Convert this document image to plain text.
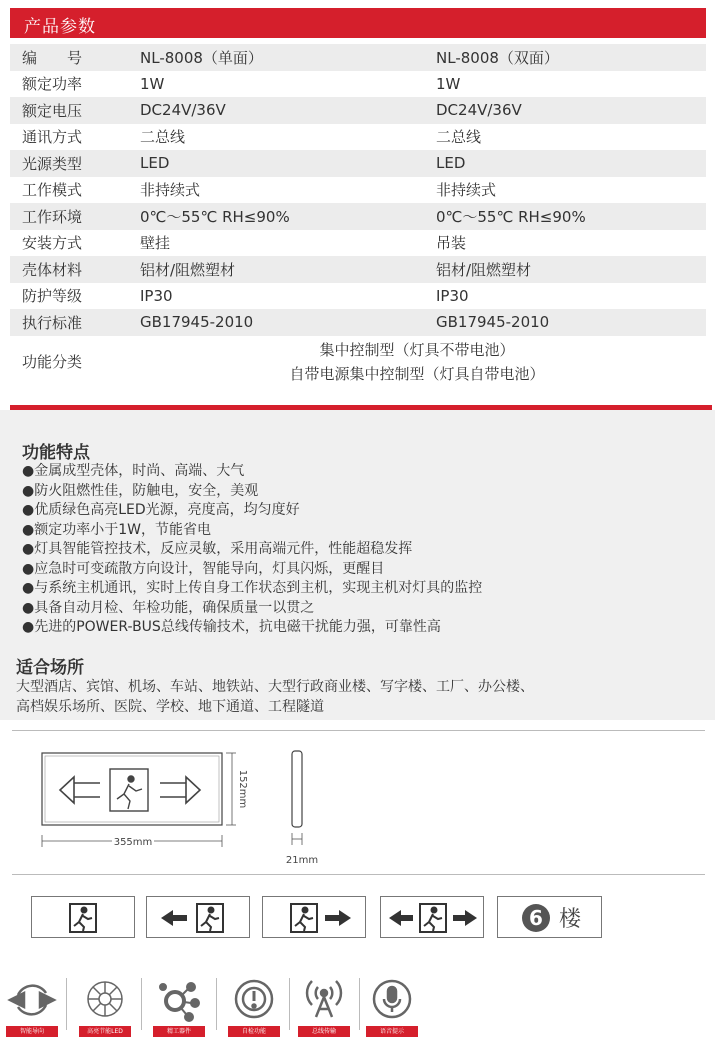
产品参数
编　　号	NL-8008（单面）	NL-8008（双面）
额定功率	1W	1W
额定电压	DC24V/36V	DC24V/36V
通讯方式	二总线	二总线
光源类型	LED	LED
工作模式	非持续式	非持续式
工作环境	0℃～55℃ RH≤90%	0℃～55℃ RH≤90%
安装方式	壁挂	吊装
壳体材料	铝材/阻燃塑材	铝材/阻燃塑材
防护等级	IP30	IP30
执行标准	GB17945-2010	GB17945-2010
功能分类
集中控制型（灯具不带电池）
自带电源集中控制型（灯具自带电池）
功能特点
●金属成型壳体，时尚、高端、大气
●防火阻燃性佳，防触电，安全，美观
●优质绿色高亮LED光源，亮度高，均匀度好
●额定功率小于1W，节能省电
●灯具智能管控技术，反应灵敏，采用高端元件，性能超稳发挥
●应急时可变疏散方向设计，智能导向，灯具闪烁，更醒目
●与系统主机通讯，实时上传自身工作状态到主机，实现主机对灯具的监控
●具备自动月检、年检功能，确保质量一以贯之
●先进的POWER-BUS总线传输技术，抗电磁干扰能力强，可靠性高
适合场所
大型酒店、宾馆、机场、车站、地铁站、大型行政商业楼、写字楼、工厂、办公楼、
高档娱乐场所、医院、学校、地下通道、工程隧道
152mm
355mm
21mm
6 楼
智能导向	高亮节能LED	精工器件	自检功能	总线传输	语音提示
